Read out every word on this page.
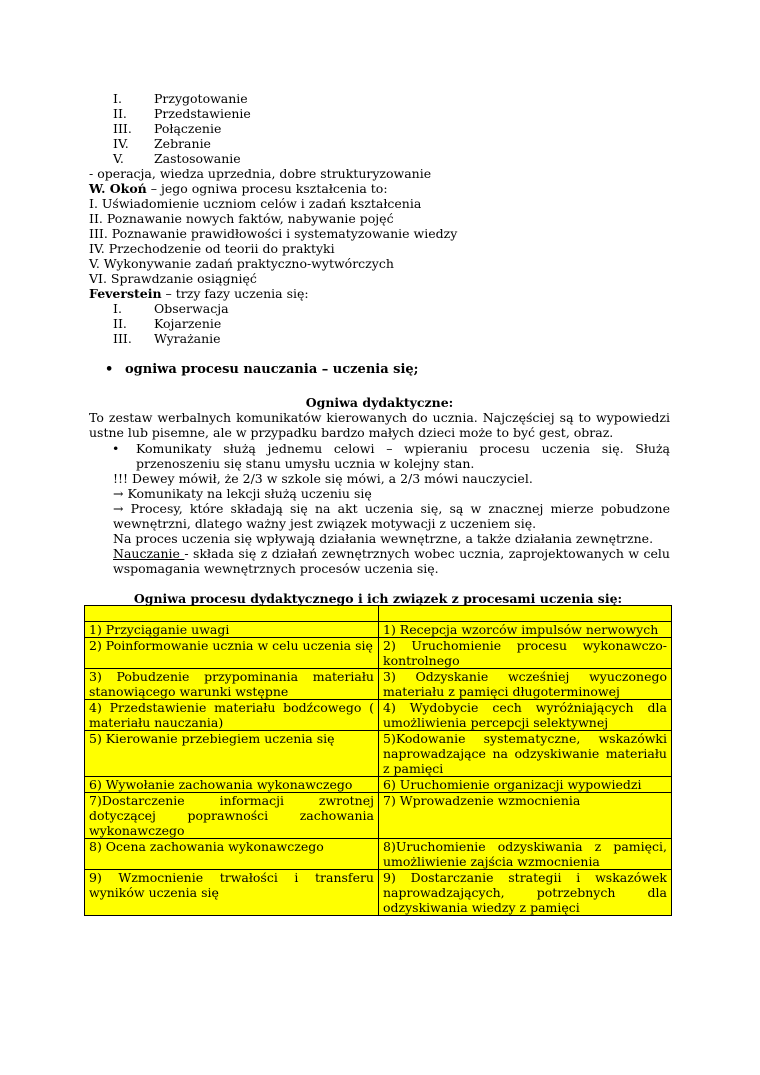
I.	Przygotowanie
II. Przedstawienie
III. Połączenie
IV. Zebranie
V. Zastosowanie
- operacja, wiedza uprzednia, dobre strukturyzowanie
W. Okoń – jego ogniwa procesu kształcenia to:
I. Uświadomienie uczniom celów i zadań kształcenia
II. Poznawanie nowych faktów, nabywanie pojęć
III. Poznawanie prawidłowości i systematyzowanie wiedzy
IV. Przechodzenie od teorii do praktyki
V. Wykonywanie zadań praktyczno-wytwórczych
VI. Sprawdzanie osiągnięć
Feverstein – trzy fazy uczenia się:
I.	Obserwacja
II. Kojarzenie
III. Wyrażanie
• ogniwa procesu nauczania – uczenia się;
Ogniwa dydaktyczne:
To zestaw werbalnych komunikatów kierowanych do ucznia. Najczęściej są to wypowiedzi
ustne lub pisemne, ale w przypadku bardzo małych dzieci może to być gest, obraz.
• Komunikaty służą jednemu celowi – wpieraniu procesu uczenia się. Służą
przenoszeniu się stanu umysłu ucznia w kolejny stan.
!!! Dewey mówił, że 2/3 w szkole się mówi, a 2/3 mówi nauczyciel.
→ Komunikaty na lekcji służą uczeniu się
→ Procesy, które składają się na akt uczenia się, są w znacznej mierze pobudzone
wewnętrzni, dlatego ważny jest związek motywacji z uczeniem się.
Na proces uczenia się wpływają działania wewnętrzne, a także działania zewnętrzne.
Nauczanie - składa się z działań zewnętrznych wobec ucznia, zaprojektowanych w celu
wspomagania wewnętrznych procesów uczenia się.
Ogniwa procesu dydaktycznego i ich związek z procesami uczenia się:

1) Przyciąganie uwagi	1) Recepcja wzorców impulsów nerwowych
2) Poinformowanie ucznia w celu uczenia się	2) Uruchomienie procesu wykonawczo-kontrolnego
3) Pobudzenie przypominania materiału stanowiącego warunki wstępne	3) Odzyskanie wcześniej wyuczonego materiału z pamięci długoterminowej
4) Przedstawienie materiału bodźcowego ( materiału nauczania)	4) Wydobycie cech wyróżniających dla umożliwienia percepcji selektywnej
5) Kierowanie przebiegiem uczenia się	5)Kodowanie systematyczne, wskazówki naprowadzające na odzyskiwanie materiału z pamięci
6) Wywołanie zachowania wykonawczego	6) Uruchomienie organizacji wypowiedzi
7)Dostarczenie informacji zwrotnej dotyczącej poprawności zachowania wykonawczego	7) Wprowadzenie wzmocnienia
8) Ocena zachowania wykonawczego	8)Uruchomienie odzyskiwania z pamięci, umożliwienie zajścia wzmocnienia
9) Wzmocnienie trwałości i transferu wyników uczenia się	9) Dostarczanie strategii i wskazówek naprowadzających, potrzebnych dla odzyskiwania wiedzy z pamięci
